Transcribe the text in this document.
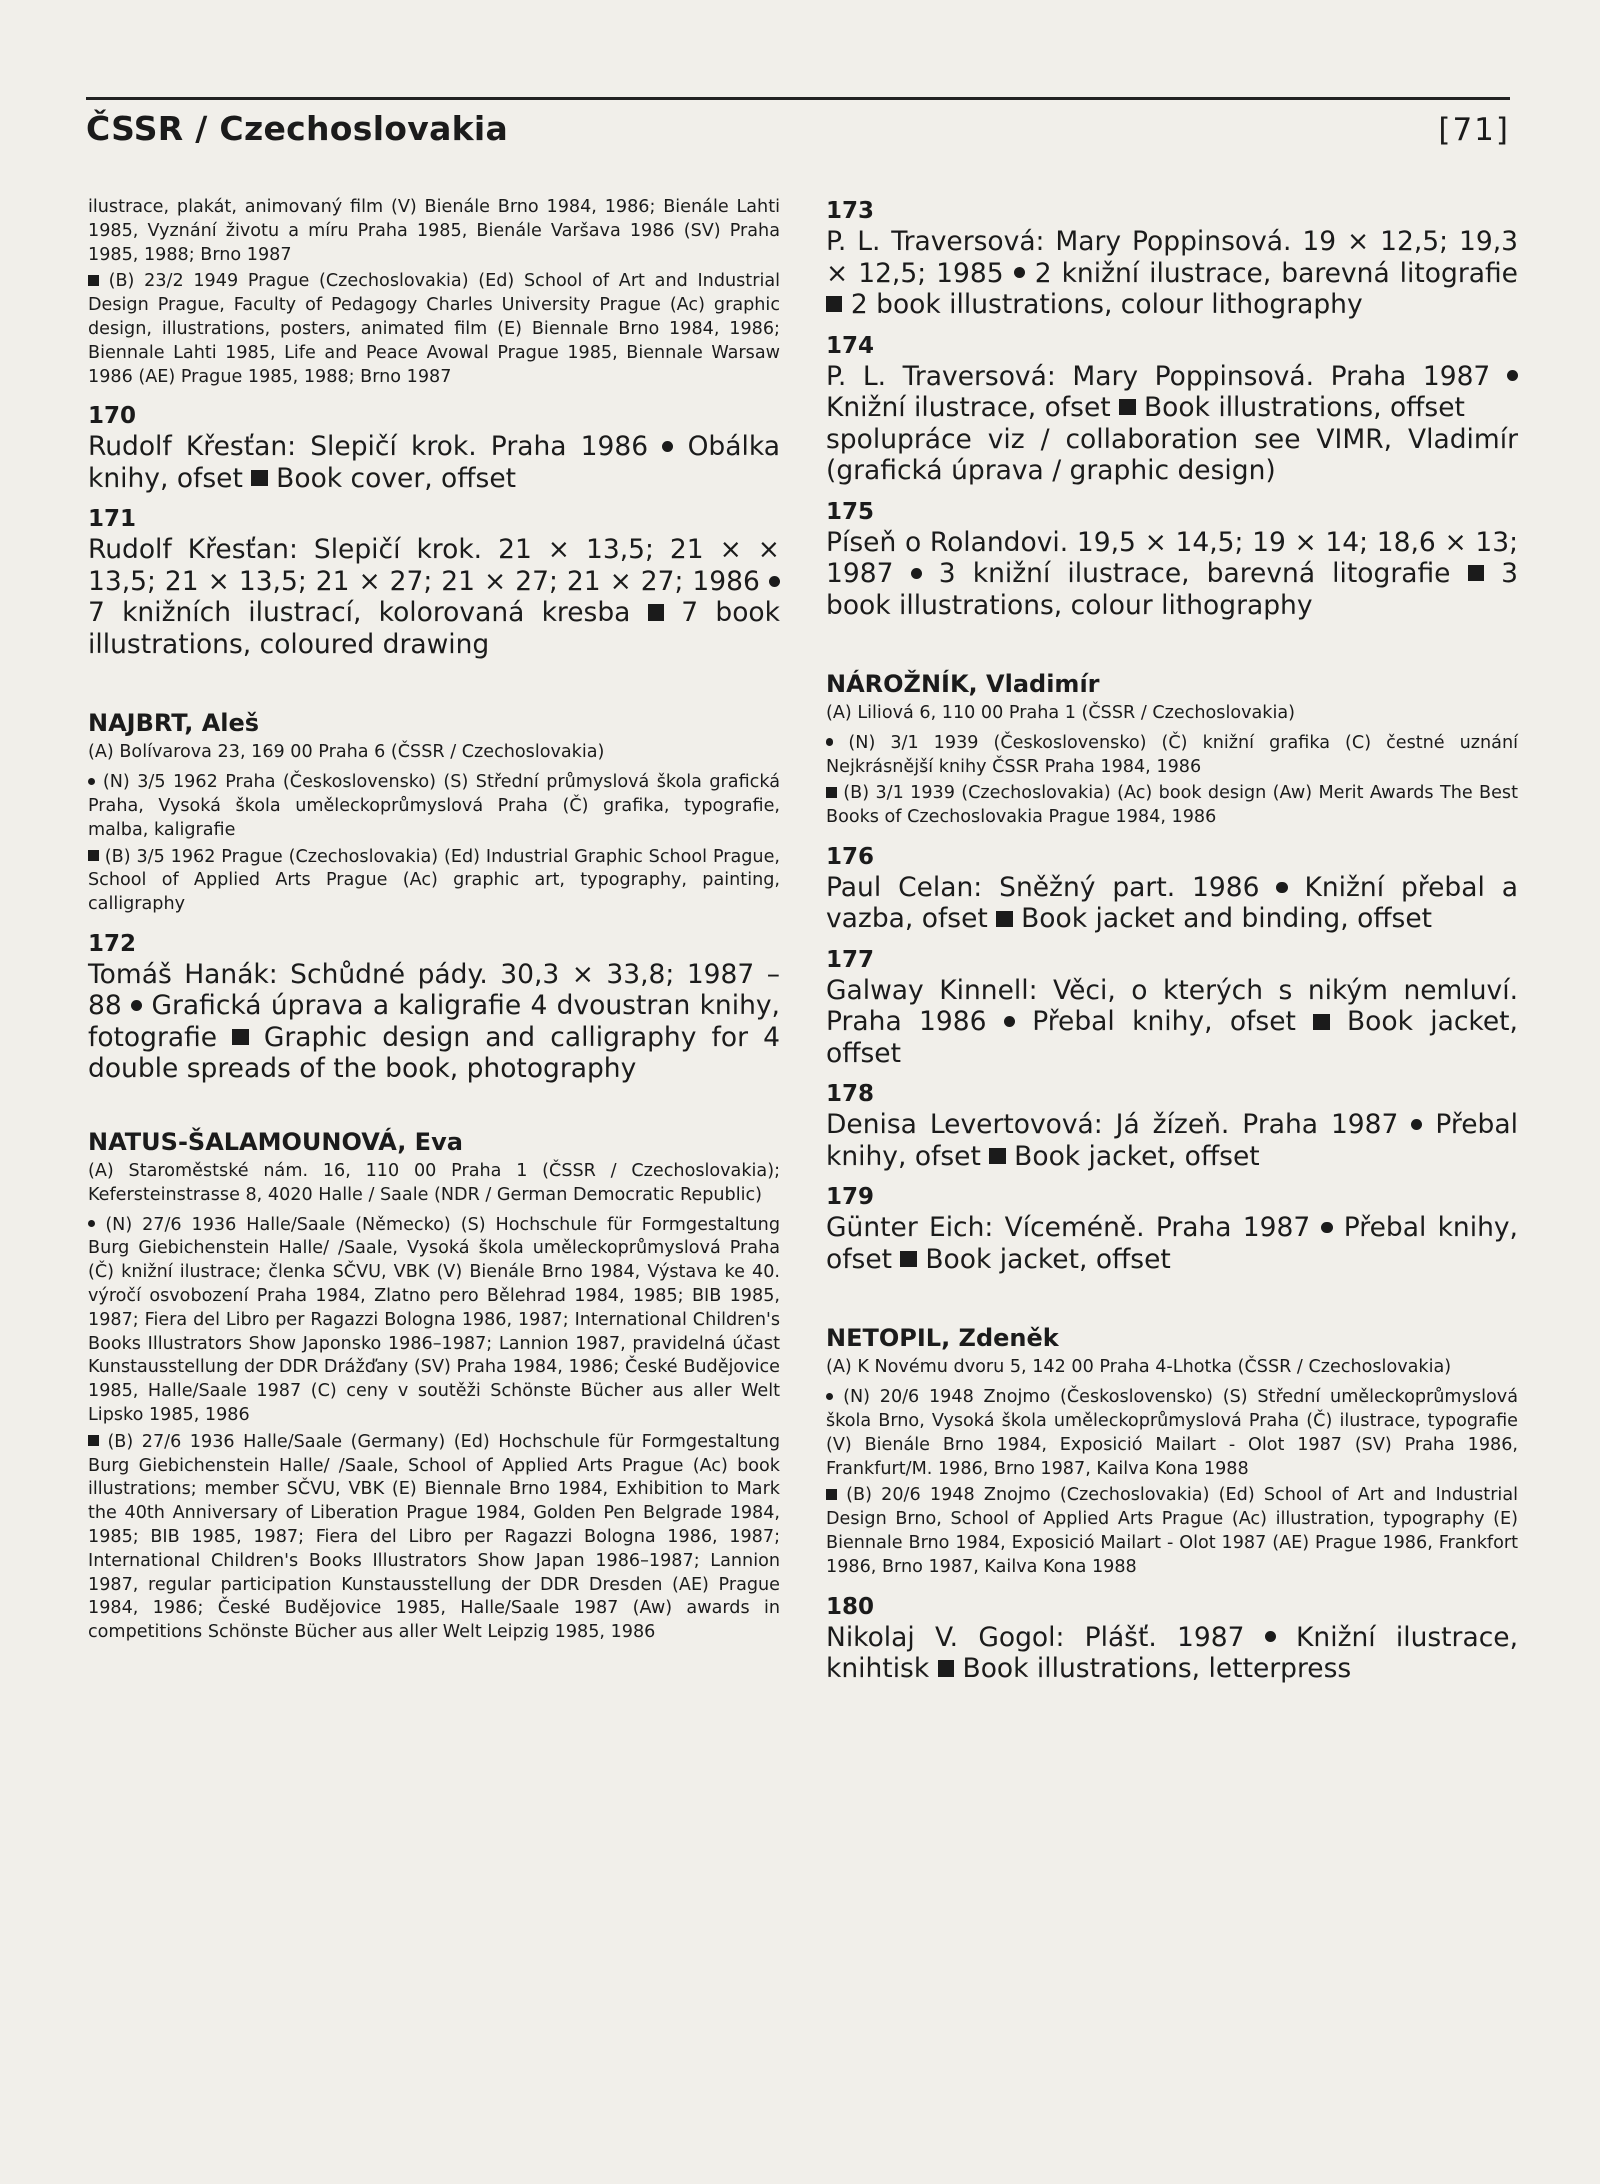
ČSSR / Czechoslovakia	[71]

ilustrace, plakát, animovaný film (V) Bienále Brno 1984, 1986; Bienále Lahti 1985, Vyznání životu a míru Praha 1985, Bienále Varšava 1986 (SV) Praha 1985, 1988; Brno 1987

(B) 23/2 1949 Prague (Czechoslovakia) (Ed) School of Art and Industrial Design Prague, Faculty of Pedagogy Charles University Prague (Ac) graphic design, illustrations, posters, animated film (E) Biennale Brno 1984, 1986; Biennale Lahti 1985, Life and Peace Avowal Prague 1985, Biennale Warsaw 1986 (AE) Prague 1985, 1988; Brno 1987

170

Rudolf Křesťan: Slepičí krok. Praha 1986 Obálka knihy, ofset Book cover, offset

171

Rudolf Křesťan: Slepičí krok. 21 × 13,5; 21 × × 13,5; 21 × 13,5; 21 × 27; 21 × 27; 21 × 27; 1986  7 knižních ilustrací, kolorovaná kresba 7 book illustrations, coloured drawing

NAJBRT, Aleš

(A) Bolívarova 23, 169 00 Praha 6 (ČSSR / Czechoslovakia)

(N) 3/5 1962 Praha (Československo) (S) Střední průmyslová škola grafická Praha, Vysoká škola uměleckoprůmyslová Praha (Č) grafika, typografie, malba, kaligrafie

(B) 3/5 1962 Prague (Czechoslovakia) (Ed) Industrial Graphic School Prague, School of Applied Arts Prague (Ac) graphic art, typography, painting, calligraphy

172

Tomáš Hanák: Schůdné pády. 30,3 × 33,8; 1987 –88 Grafická úprava a kaligrafie 4 dvoustran knihy, fotografie Graphic design and calligraphy for 4 double spreads of the book, photography

NATUS-ŠALAMOUNOVÁ, Eva

(A) Staroměstské nám. 16, 110 00 Praha 1 (ČSSR / Czechoslovakia); Kefersteinstrasse 8, 4020 Halle / Saale (NDR / German Democratic Republic)

(N) 27/6 1936 Halle/Saale (Německo) (S) Hochschule für Formgestaltung Burg Giebichenstein Halle/ /Saale, Vysoká škola uměleckoprůmyslová Praha (Č) knižní ilustrace; členka SČVU, VBK (V) Bienále Brno 1984, Výstava ke 40. výročí osvobození Praha 1984, Zlatno pero Bělehrad 1984, 1985; BIB 1985, 1987; Fiera del Libro per Ragazzi Bologna 1986, 1987; International Children's Books Illustrators Show Japonsko 1986–1987; Lannion 1987, pravidelná účast Kunstausstellung der DDR Drážďany (SV) Praha 1984, 1986; České Budějovice 1985, Halle/Saale 1987 (C) ceny v soutěži Schönste Bücher aus aller Welt Lipsko 1985, 1986

(B) 27/6 1936 Halle/Saale (Germany) (Ed) Hochschule für Formgestaltung Burg Giebichenstein Halle/ /Saale, School of Applied Arts Prague (Ac) book illustrations; member SČVU, VBK (E) Biennale Brno 1984, Exhibition to Mark the 40th Anniversary of Liberation Prague 1984, Golden Pen Belgrade 1984, 1985; BIB 1985, 1987; Fiera del Libro per Ragazzi Bologna 1986, 1987; International Children's Books Illustrators Show Japan 1986–1987; Lannion 1987, regular participation Kunstausstellung der DDR Dresden (AE) Prague 1984, 1986; České Budějovice 1985, Halle/Saale 1987 (Aw) awards in competitions Schönste Bücher aus aller Welt Leipzig 1985, 1986

173

P. L. Traversová: Mary Poppinsová. 19 × 12,5; 19,3 × 12,5; 1985 2 knižní ilustrace, barevná litografie  2 book illustrations, colour lithography

174

P. L. Traversová: Mary Poppinsová. Praha 1987  Knižní ilustrace, ofset Book illustrations, offset

spolupráce viz / collaboration see VIMR, Vladimír (grafická úprava / graphic design)

175

Píseň o Rolandovi. 19,5 × 14,5; 19 × 14; 18,6 × 13; 1987 3 knižní ilustrace, barevná litografie 3 book illustrations, colour lithography

NÁROŽNÍK, Vladimír

(A) Liliová 6, 110 00 Praha 1 (ČSSR / Czechoslovakia)

(N) 3/1 1939 (Československo) (Č) knižní grafika (C) čestné uznání Nejkrásnější knihy ČSSR Praha 1984, 1986

(B) 3/1 1939 (Czechoslovakia) (Ac) book design (Aw) Merit Awards The Best Books of Czechoslovakia Prague 1984, 1986

176

Paul Celan: Sněžný part. 1986 Knižní přebal a vazba, ofset Book jacket and binding, offset

177

Galway Kinnell: Věci, o kterých s nikým nemluví. Praha 1986 Přebal knihy, ofset Book jacket, offset

178

Denisa Levertovová: Já žízeň. Praha 1987 Přebal knihy, ofset Book jacket, offset

179

Günter Eich: Víceméně. Praha 1987 Přebal knihy, ofset Book jacket, offset

NETOPIL, Zdeněk

(A) K Novému dvoru 5, 142 00 Praha 4-Lhotka (ČSSR / Czechoslovakia)

(N) 20/6 1948 Znojmo (Československo) (S) Střední uměleckoprůmyslová škola Brno, Vysoká škola uměleckoprůmyslová Praha (Č) ilustrace, typografie (V) Bienále Brno 1984, Exposició Mailart - Olot 1987 (SV) Praha 1986, Frankfurt/M. 1986, Brno 1987, Kailva Kona 1988

(B) 20/6 1948 Znojmo (Czechoslovakia) (Ed) School of Art and Industrial Design Brno, School of Applied Arts Prague (Ac) illustration, typography (E) Biennale Brno 1984, Exposició Mailart - Olot 1987 (AE) Prague 1986, Frankfort 1986, Brno 1987, Kailva Kona 1988

180

Nikolaj V. Gogol: Plášť. 1987 Knižní ilustrace, knihtisk Book illustrations, letterpress
